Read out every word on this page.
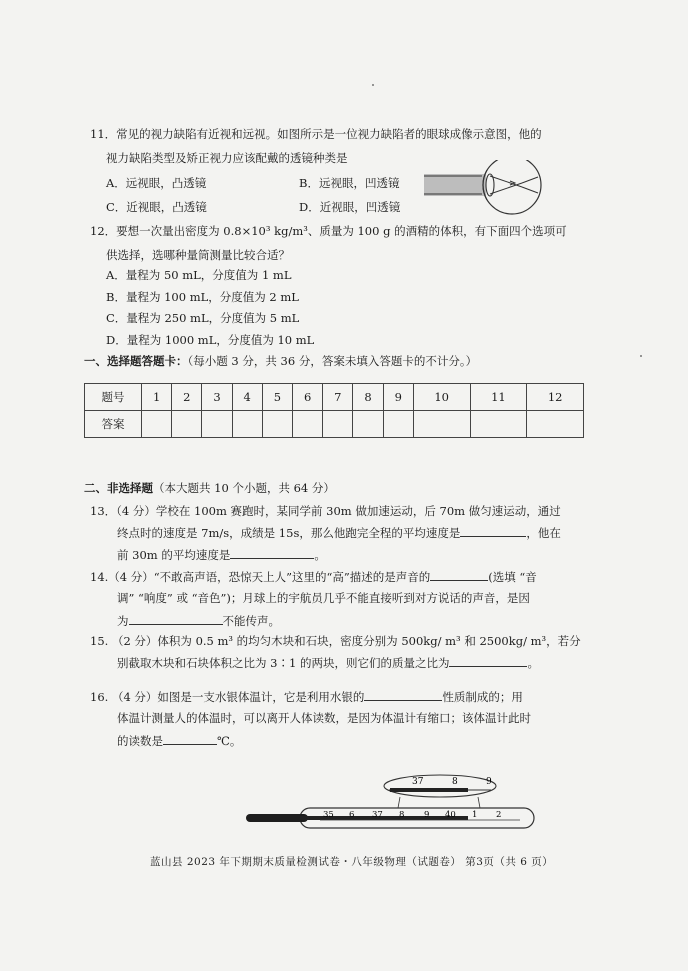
11．常见的视力缺陷有近视和远视。如图所示是一位视力缺陷者的眼球成像示意图，他的
视力缺陷类型及矫正视力应该配戴的透镜种类是
A．远视眼，凸透镜	B．远视眼，凹透镜
C．近视眼，凸透镜	D．近视眼，凹透镜
12．要想一次量出密度为 0.8×10³ kg/m³、质量为 100 g 的酒精的体积，有下面四个选项可
供选择，选哪种量筒测量比较合适？
A．量程为 50 mL，分度值为 1 mL
B．量程为 100 mL，分度值为 2 mL
C．量程为 250 mL，分度值为 5 mL
D．量程为 1000 mL，分度值为 10 mL
一、选择题答题卡：（每小题 3 分，共 36 分，答案未填入答题卡的不计分。）
题号	1	2	3	4	5	6	7	8	9	10	11	12
答案												
二、非选择题（本大题共 10 个小题，共 64 分）
13．（4 分）学校在 100m 赛跑时，某同学前 30m 做加速运动，后 70m 做匀速运动，通过
终点时的速度是 7m/s，成绩是 15s，那么他跑完全程的平均速度是	，他在
前 30m 的平均速度是	。
14.（4 分）“不敢高声语，恐惊天上人”这里的“高”描述的是声音的	(选填 “音
调” “响度” 或 “音色”)；月球上的宇航员几乎不能直接听到对方说话的声音，是因
为	不能传声。
15. （2 分）体积为 0.5 m³ 的均匀木块和石块，密度分别为 500kg/ m³ 和 2500kg/ m³，若分
别截取木块和石块体积之比为 3∶1 的两块，则它们的质量之比为	。
16. （4 分）如图是一支水银体温计，它是利用水银的	性质制成的；用
体温计测量人的体温时，可以离开人体读数，是因为体温计有缩口；该体温计此时
的读数是	℃。
37	8	9
35 6 37 8 9 40 1 2
蓝山县 2023 年下期期末质量检测试卷・八年级物理（试题卷） 第3页（共 6 页）
